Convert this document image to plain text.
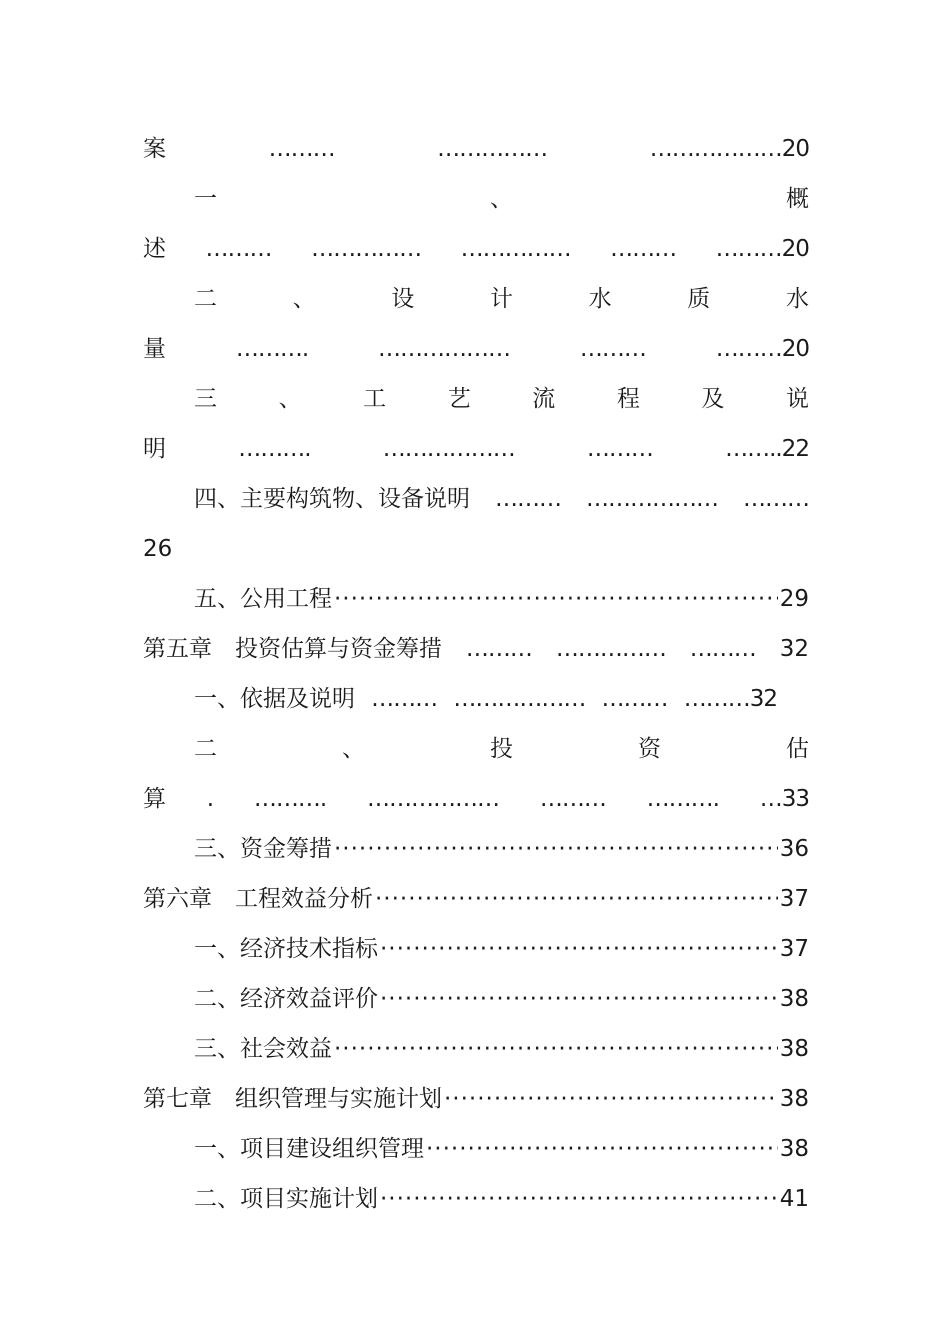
案	………	……………	………………20
一	、	概
述 ……… …………… …………… ……… ………20
二	、	设	计	水	质	水
量	……….	………………	………	………20
三	、	工	艺	流	程	及	说
明	……….	………………	………	……..22
四、主要构筑物、设备说明 ……… ……………… ………
26
五、公用工程 ·····	29
第五章　投资估算与资金筹措 ……… …………… ……… 32
一、依据及说明 ……… ……………… ……… ………32
二	、	投	资	估
算 . ………. ……………… ……… ………. …33
三、资金筹措 ·····	36
第六章　工程效益分析 ·····	37
一、经济技术指标 ·····	37
二、经济效益评价 ·····	38
三、社会效益 ·····	38
第七章　组织管理与实施计划 ·····	38
一、项目建设组织管理 ·····	38
二、项目实施计划 ·····	41
